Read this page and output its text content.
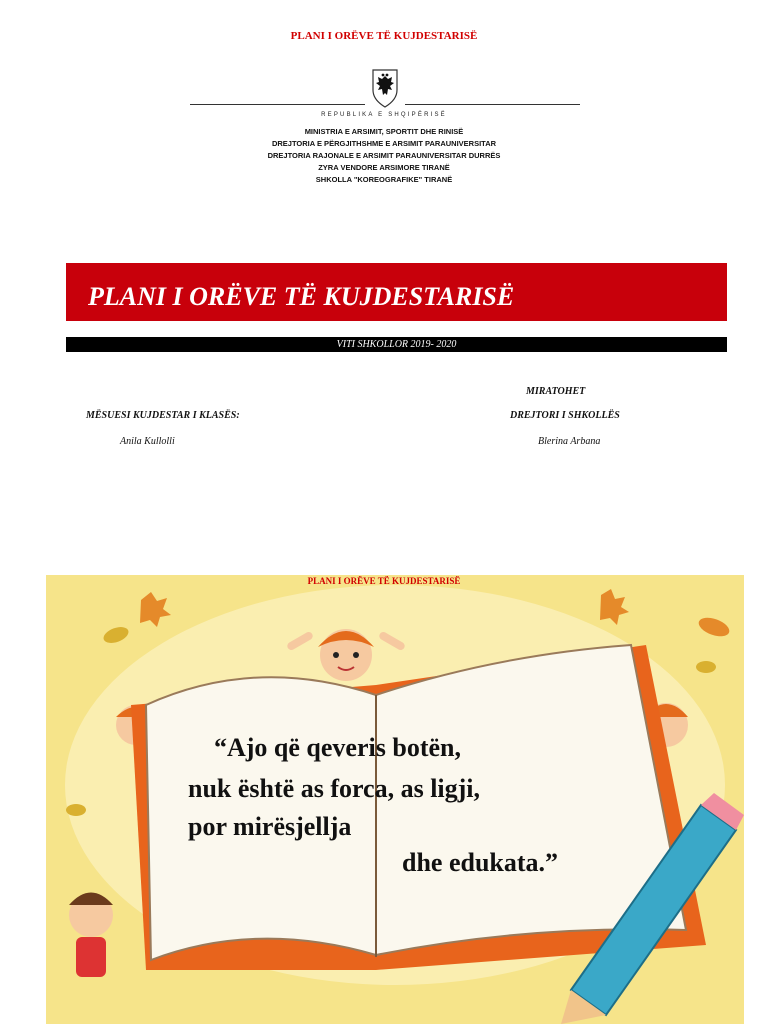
PLANI I ORËVE TË KUJDESTARISË
REPUBLIKA E SHQIPËRISË
MINISTRIA E ARSIMIT, SPORTIT DHE RINISË
DREJTORIA E PËRGJITHSHME E ARSIMIT PARAUNIVERSITAR
DREJTORIA RAJONALE E ARSIMIT PARAUNIVERSITAR DURRËS
ZYRA VENDORE ARSIMORE TIRANË
SHKOLLA "KOREOGRAFIKE" TIRANË
PLANI I ORËVE TË KUJDESTARISË
VITI SHKOLLOR 2019- 2020
MIRATOHET
MËSUESI KUJDESTAR I KLASËS:	DREJTORI I SHKOLLËS
Anila Kullolli	Blerina Arbana
PLANI I ORËVE TË KUJDESTARISË
“Ajo që qeveris botën,
nuk është as forca, as ligji,
por mirësjellja
dhe edukata.”
